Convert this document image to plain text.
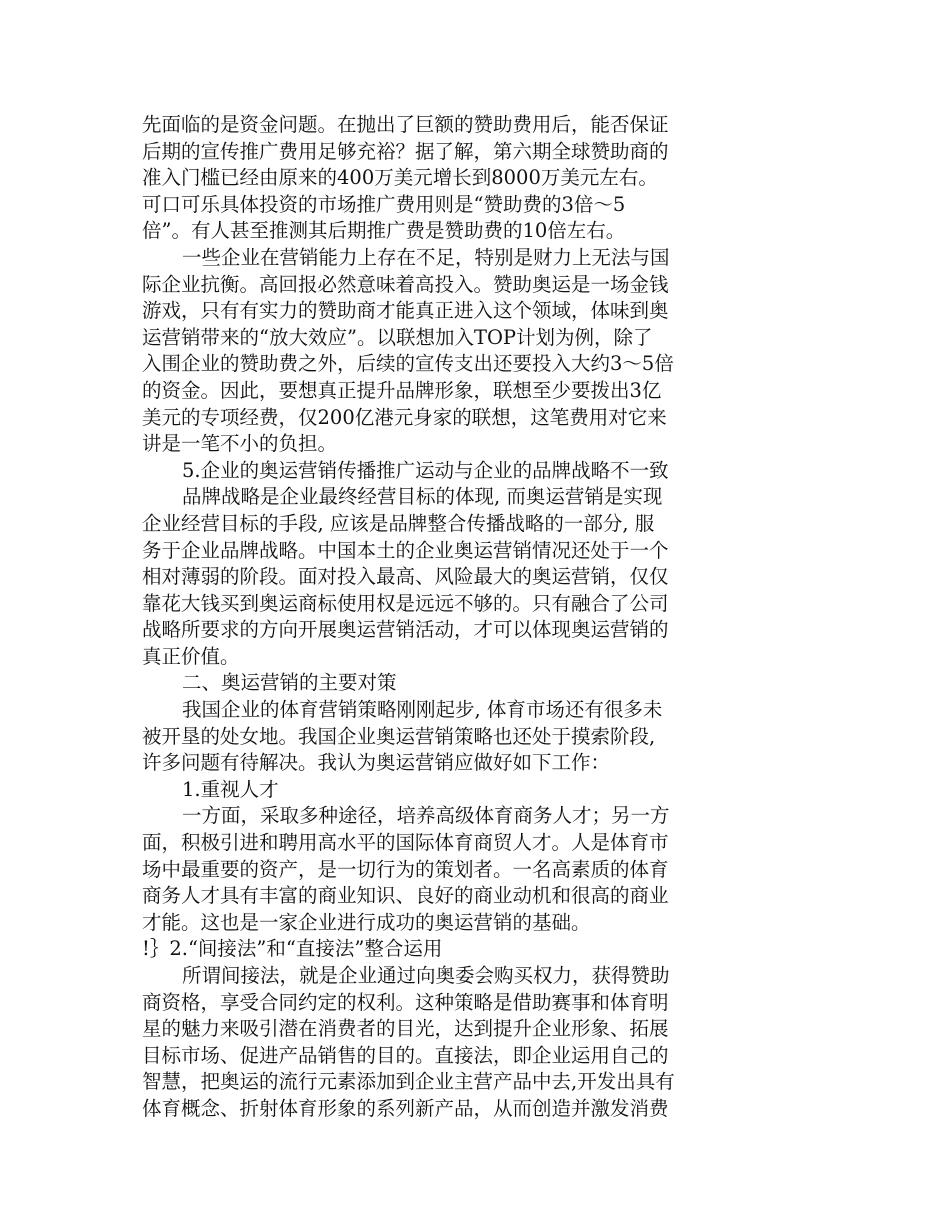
先面临的是资金问题。在抛出了巨额的赞助费用后，能否保证
后期的宣传推广费用足够充裕？据了解，第六期全球赞助商的
准入门槛已经由原来的400万美元增长到8000万美元左右。
可口可乐具体投资的市场推广费用则是“赞助费的3倍～5
倍”。有人甚至推测其后期推广费是赞助费的10倍左右。
一些企业在营销能力上存在不足，特别是财力上无法与国
际企业抗衡。高回报必然意味着高投入。赞助奥运是一场金钱
游戏，只有有实力的赞助商才能真正进入这个领域，体味到奥
运营销带来的“放大效应”。以联想加入TOP计划为例，除了
入围企业的赞助费之外，后续的宣传支出还要投入大约3～5倍
的资金。因此，要想真正提升品牌形象，联想至少要拨出3亿
美元的专项经费，仅200亿港元身家的联想，这笔费用对它来
讲是一笔不小的负担。
5.企业的奥运营销传播推广运动与企业的品牌战略不一致
品牌战略是企业最终经营目标的体现, 而奥运营销是实现
企业经营目标的手段, 应该是品牌整合传播战略的一部分, 服
务于企业品牌战略。中国本土的企业奥运营销情况还处于一个
相对薄弱的阶段。面对投入最高、风险最大的奥运营销，仅仅
靠花大钱买到奥运商标使用权是远远不够的。只有融合了公司
战略所要求的方向开展奥运营销活动，才可以体现奥运营销的
真正价值。
二、奥运营销的主要对策
我国企业的体育营销策略刚刚起步, 体育市场还有很多未
被开垦的处女地。我国企业奥运营销策略也还处于摸索阶段,
许多问题有待解决。我认为奥运营销应做好如下工作：
1.重视人才
一方面，采取多种途径，培养高级体育商务人才；另一方
面，积极引进和聘用高水平的国际体育商贸人才。人是体育市
场中最重要的资产，是一切行为的策划者。一名高素质的体育
商务人才具有丰富的商业知识、良好的商业动机和很高的商业
才能。这也是一家企业进行成功的奥运营销的基础。
!｝2.“间接法”和“直接法”整合运用
所谓间接法，就是企业通过向奥委会购买权力，获得赞助
商资格，享受合同约定的权利。这种策略是借助赛事和体育明
星的魅力来吸引潜在消费者的目光，达到提升企业形象、拓展
目标市场、促进产品销售的目的。直接法，即企业运用自己的
智慧，把奥运的流行元素添加到企业主营产品中去,开发出具有
体育概念、折射体育形象的系列新产品，从而创造并激发消费
